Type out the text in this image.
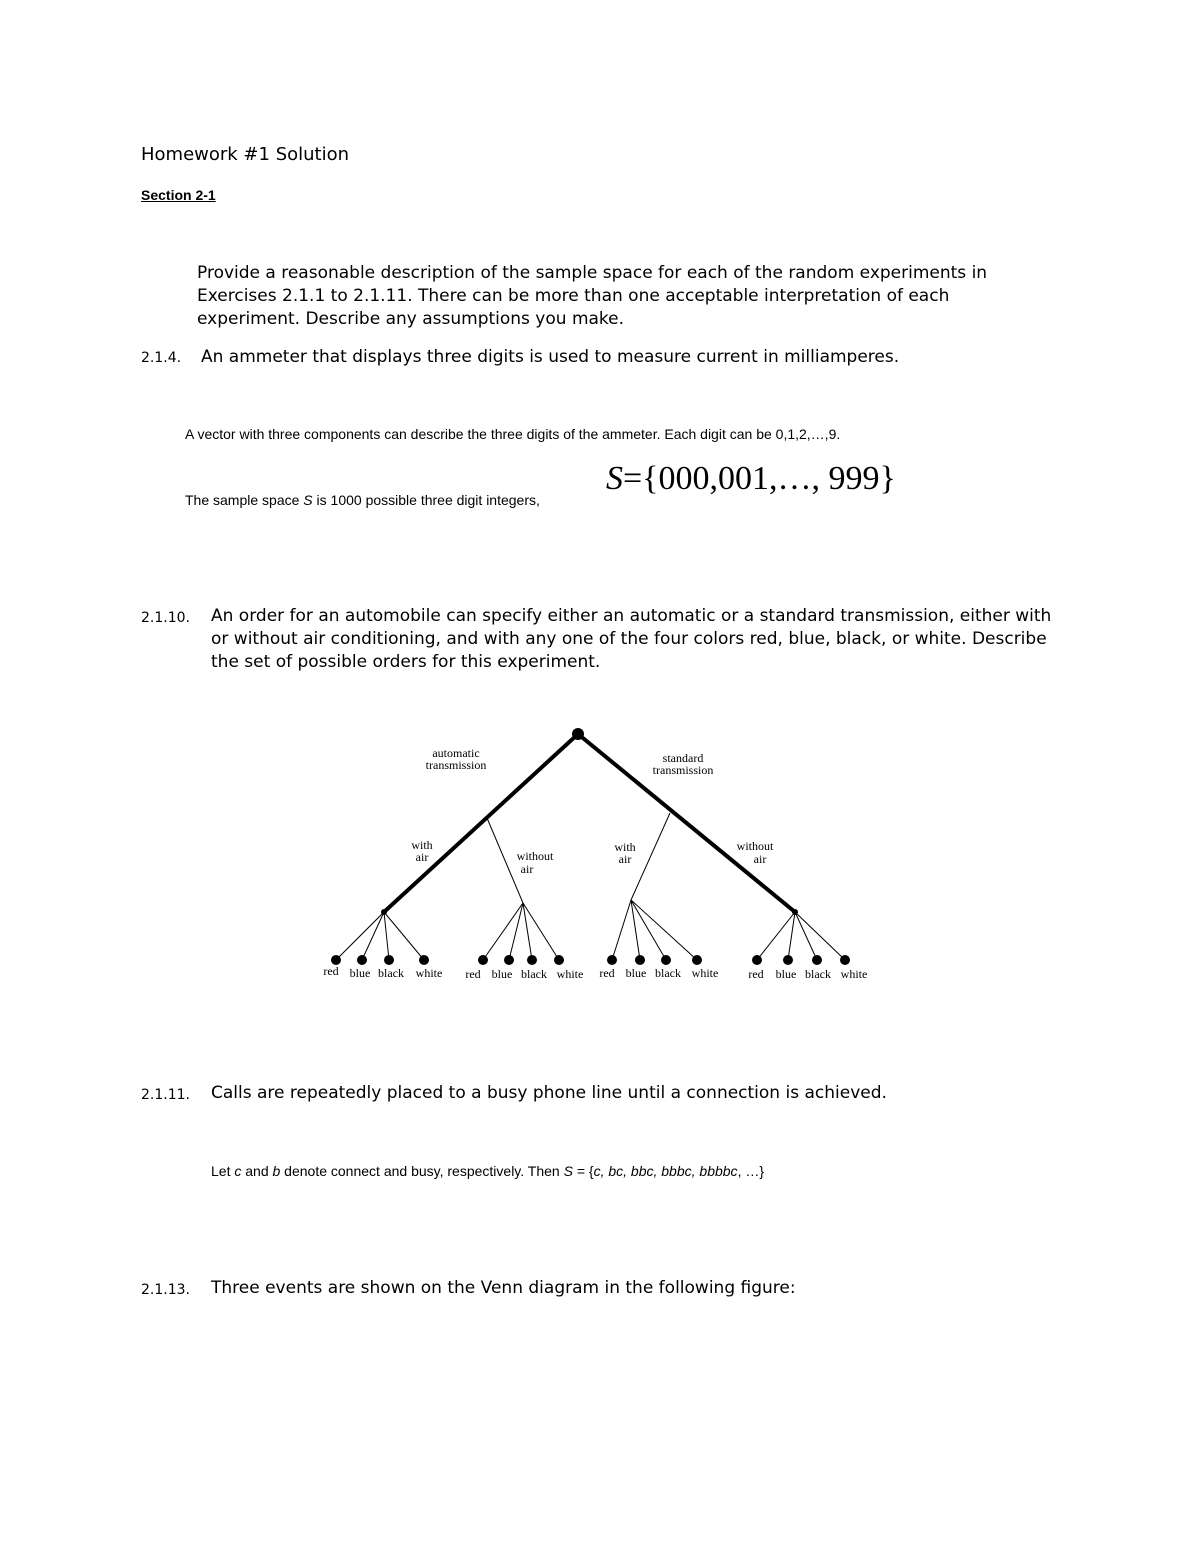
Homework #1 Solution
Section 2-1
Provide a reasonable description of the sample space for each of the random experiments in Exercises 2.1.1 to 2.1.11. There can be more than one acceptable interpretation of each experiment. Describe any assumptions you make.
2.1.4. An ammeter that displays three digits is used to measure current in milliamperes.
A vector with three components can describe the three digits of the ammeter. Each digit can be 0,1,2,…,9.
The sample space S is 1000 possible three digit integers,
S={000,001,…, 999}
2.1.10. An order for an automobile can specify either an automatic or a standard transmission, either with or without air conditioning, and with any one of the four colors red, blue, black, or white. Describe the set of possible orders for this experiment.
automatic
transmission	standard
transmission
with
air	without
air
with
air
without
air
red blue black white red blue black white red blue black white	red blue black white
2.1.11. Calls are repeatedly placed to a busy phone line until a connection is achieved.
Let c and b denote connect and busy, respectively. Then S = {c, bc, bbc, bbbc, bbbbc, …}
2.1.13. Three events are shown on the Venn diagram in the following figure:
